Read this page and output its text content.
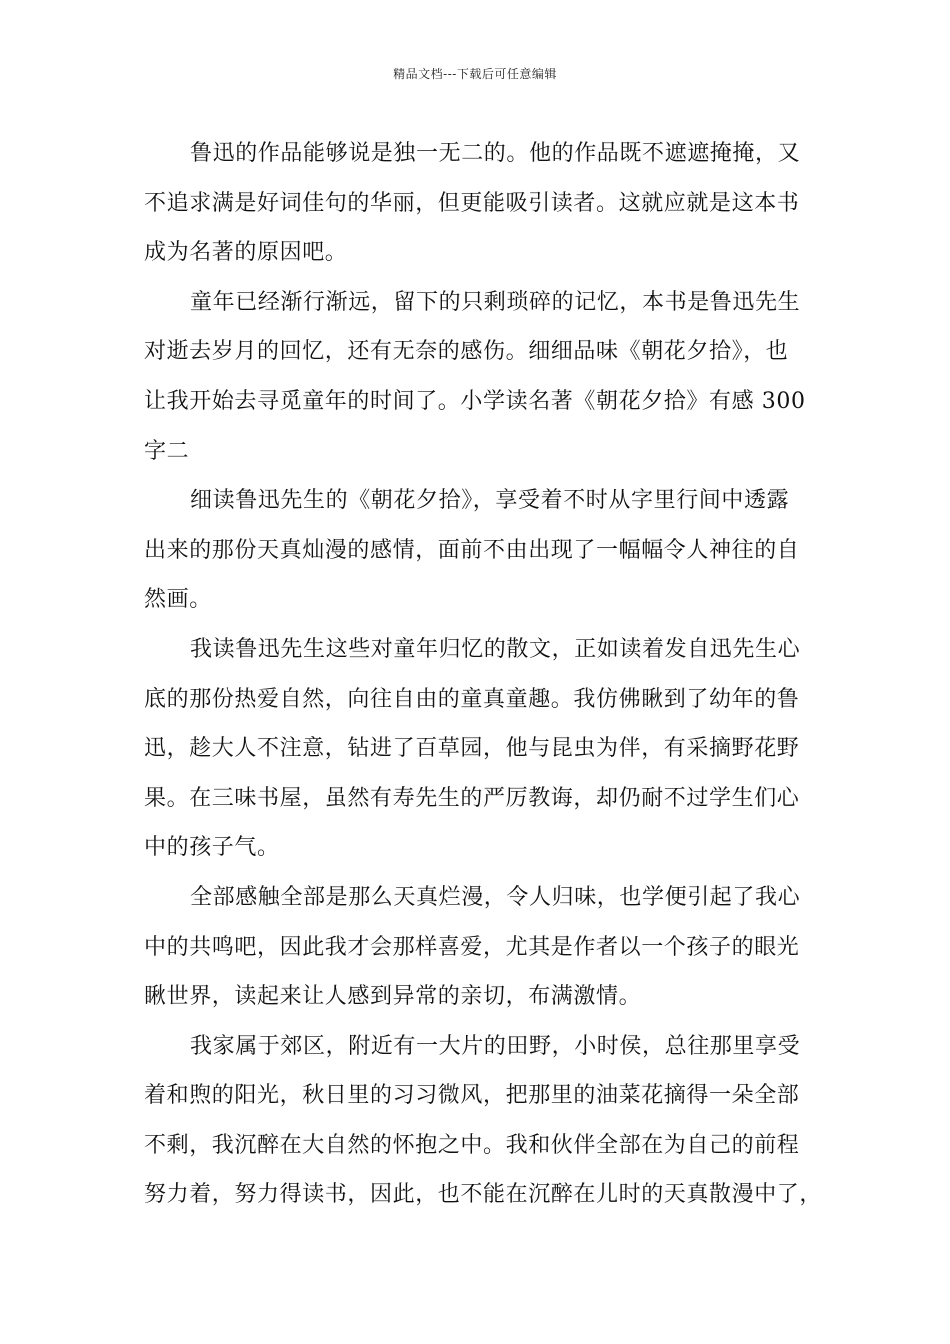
精品文档---下载后可任意编辑

鲁迅的作品能够说是独一无二的。他的作品既不遮遮掩掩，又
不追求满是好词佳句的华丽，但更能吸引读者。这就应就是这本书
成为名著的原因吧。

童年已经渐行渐远，留下的只剩琐碎的记忆，本书是鲁迅先生
对逝去岁月的回忆，还有无奈的感伤。细细品味《朝花夕拾》，也
让我开始去寻觅童年的时间了。小学读名著《朝花夕拾》有感 300
字二

细读鲁迅先生的《朝花夕拾》，享受着不时从字里行间中透露
出来的那份天真灿漫的感情，面前不由出现了一幅幅令人神往的自
然画。

我读鲁迅先生这些对童年归忆的散文，正如读着发自迅先生心
底的那份热爱自然，向往自由的童真童趣。我仿佛瞅到了幼年的鲁
迅，趁大人不注意，钻进了百草园，他与昆虫为伴，有采摘野花野
果。在三味书屋，虽然有寿先生的严厉教诲，却仍耐不过学生们心
中的孩子气。

全部感触全部是那么天真烂漫，令人归味，也学便引起了我心
中的共鸣吧，因此我才会那样喜爱，尤其是作者以一个孩子的眼光
瞅世界，读起来让人感到异常的亲切，布满激情。

我家属于郊区，附近有一大片的田野，小时侯，总往那里享受
着和煦的阳光，秋日里的习习微风，把那里的油菜花摘得一朵全部
不剩，我沉醉在大自然的怀抱之中。我和伙伴全部在为自己的前程
努力着，努力得读书，因此，也不能在沉醉在儿时的天真散漫中了，
